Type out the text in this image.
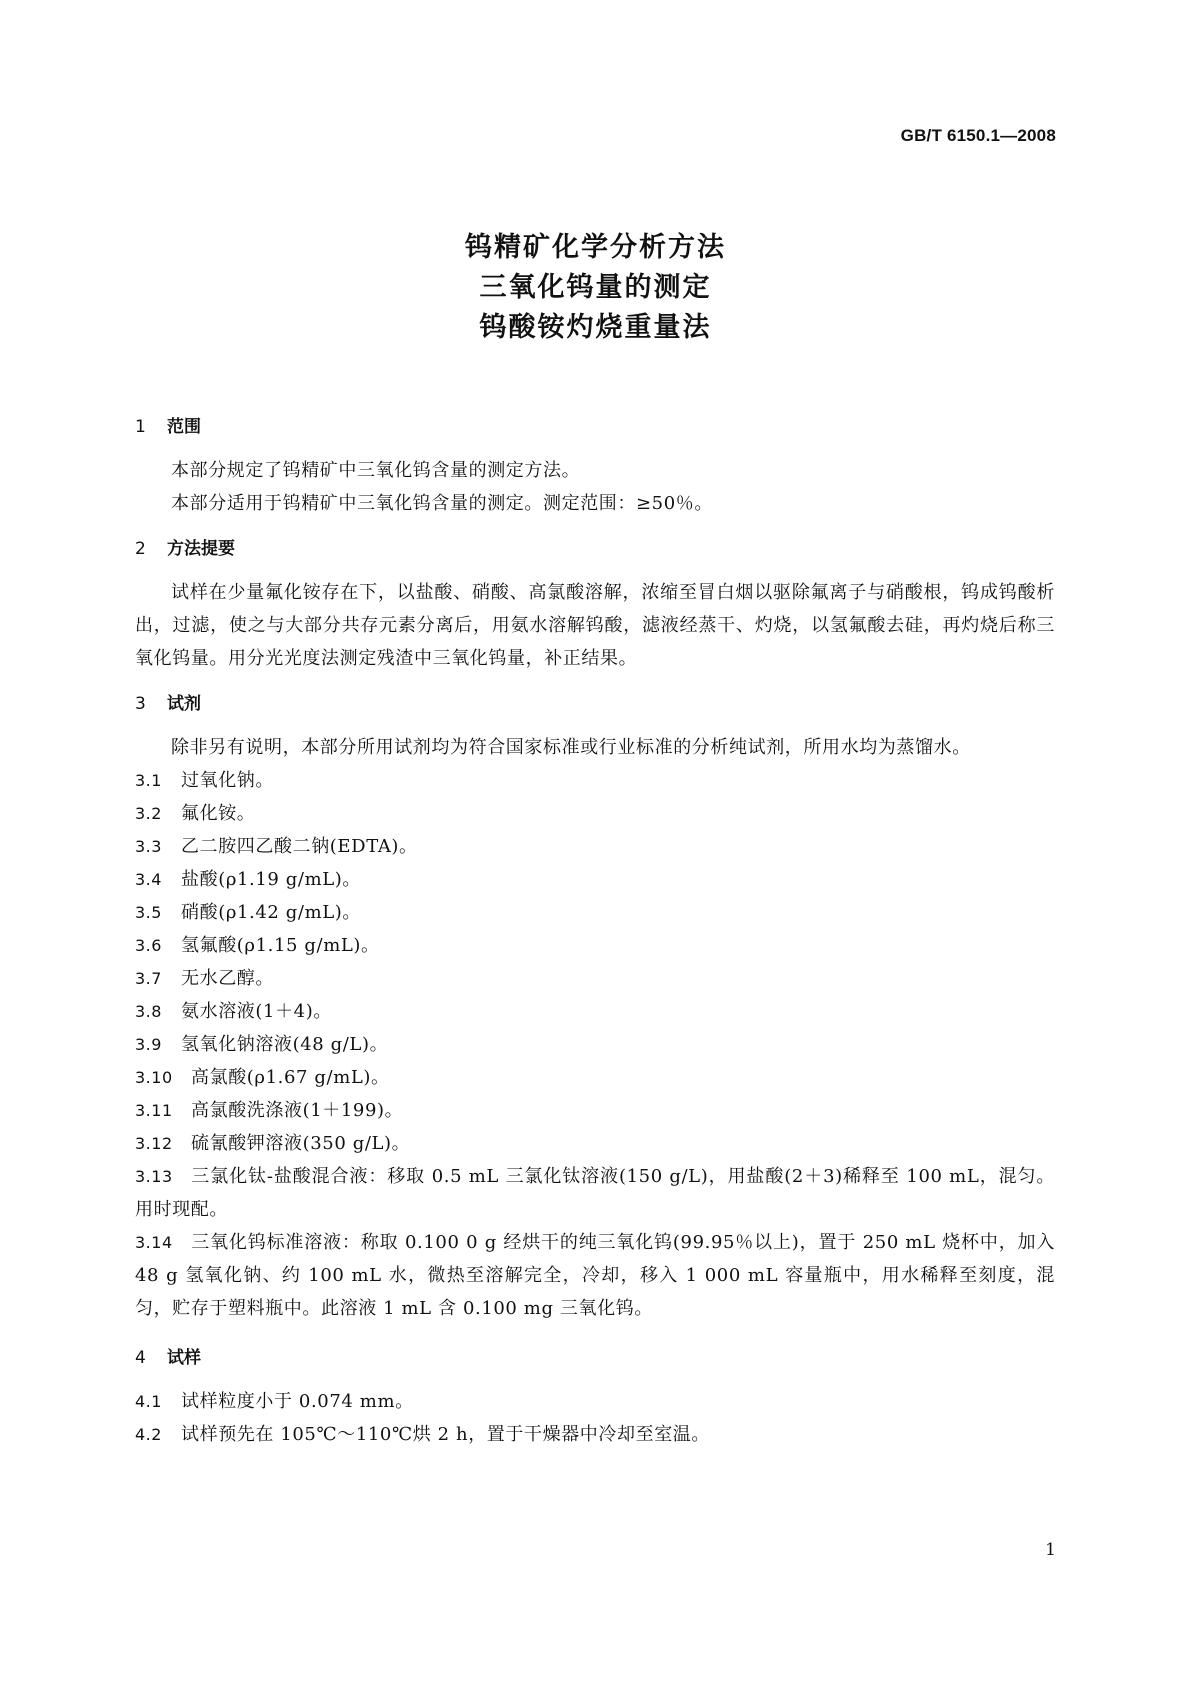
GB/T 6150.1—2008
钨精矿化学分析方法
三氧化钨量的测定
钨酸铵灼烧重量法
1 范围

本部分规定了钨精矿中三氧化钨含量的测定方法。

本部分适用于钨精矿中三氧化钨含量的测定。测定范围：≥50％。

2 方法提要

试样在少量氟化铵存在下，以盐酸、硝酸、高氯酸溶解，浓缩至冒白烟以驱除氟离子与硝酸根，钨成钨酸析出，过滤，使之与大部分共存元素分离后，用氨水溶解钨酸，滤液经蒸干、灼烧，以氢氟酸去硅，再灼烧后称三氧化钨量。用分光光度法测定残渣中三氧化钨量，补正结果。

3 试剂

除非另有说明，本部分所用试剂均为符合国家标准或行业标准的分析纯试剂，所用水均为蒸馏水。

3.1 过氧化钠。

3.2 氟化铵。

3.3 乙二胺四乙酸二钠(EDTA)。

3.4 盐酸(ρ1.19 g/mL)。

3.5 硝酸(ρ1.42 g/mL)。

3.6 氢氟酸(ρ1.15 g/mL)。

3.7 无水乙醇。

3.8 氨水溶液(1＋4)。

3.9 氢氧化钠溶液(48 g/L)。

3.10 高氯酸(ρ1.67 g/mL)。

3.11 高氯酸洗涤液(1＋199)。

3.12 硫氰酸钾溶液(350 g/L)。

3.13 三氯化钛-盐酸混合液：移取 0.5 mL 三氯化钛溶液(150 g/L)，用盐酸(2＋3)稀释至 100 mL，混匀。用时现配。

3.14 三氧化钨标准溶液：称取 0.100 0 g 经烘干的纯三氧化钨(99.95％以上)，置于 250 mL 烧杯中，加入 48 g 氢氧化钠、约 100 mL 水，微热至溶解完全，冷却，移入 1 000 mL 容量瓶中，用水稀释至刻度，混匀，贮存于塑料瓶中。此溶液 1 mL 含 0.100 mg 三氧化钨。

4 试样

4.1 试样粒度小于 0.074 mm。

4.2 试样预先在 105℃～110℃烘 2 h，置于干燥器中冷却至室温。

1
